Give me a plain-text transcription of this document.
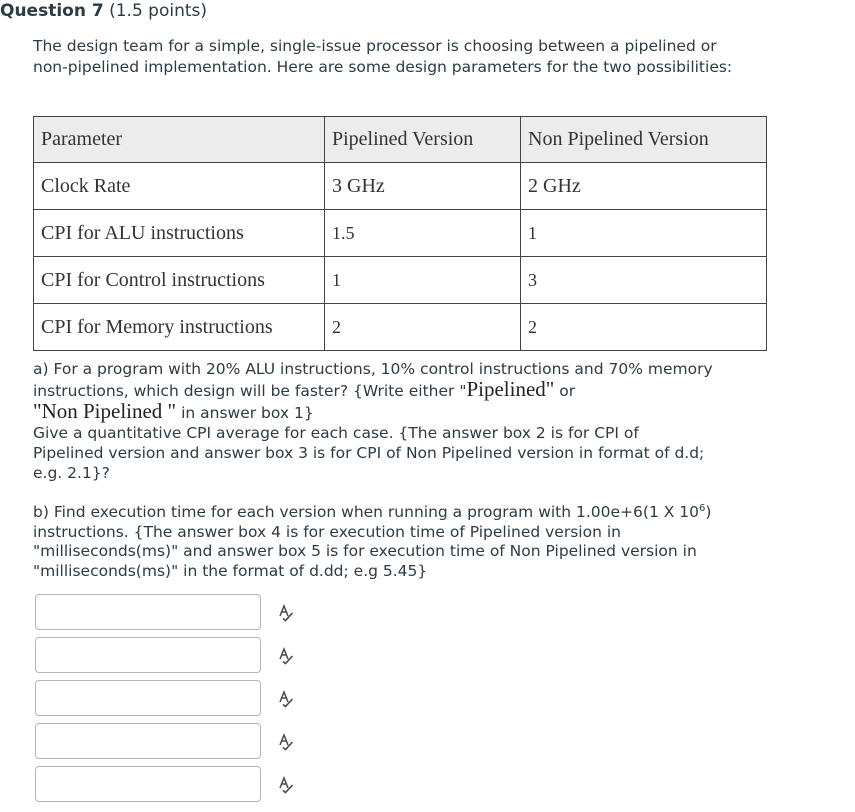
Question 7 (1.5 points)
The design team for a simple, single-issue processor is choosing between a pipelined or non-pipelined implementation. Here are some design parameters for the two possibilities:
Parameter	Pipelined Version	Non Pipelined Version
Clock Rate	3 GHz	2 GHz
CPI for ALU instructions	1.5	1
CPI for Control instructions	1	3
CPI for Memory instructions	2	2
a) For a program with 20% ALU instructions, 10% control instructions and 70% memory instructions, which design will be faster? {Write either "Pipelined" or
"Non Pipelined " in answer box 1}
Give a quantitative CPI average for each case. {The answer box 2 is for CPI of Pipelined version and answer box 3 is for CPI of Non Pipelined version in format of d.d; e.g. 2.1}?
b) Find execution time for each version when running a program with 1.00e+6(1 X $10^6$) instructions. {The answer box 4 is for execution time of Pipelined version in "milliseconds(ms)" and answer box 5 is for execution time of Non Pipelined version in "milliseconds(ms)" in the format of d.dd; e.g 5.45}
